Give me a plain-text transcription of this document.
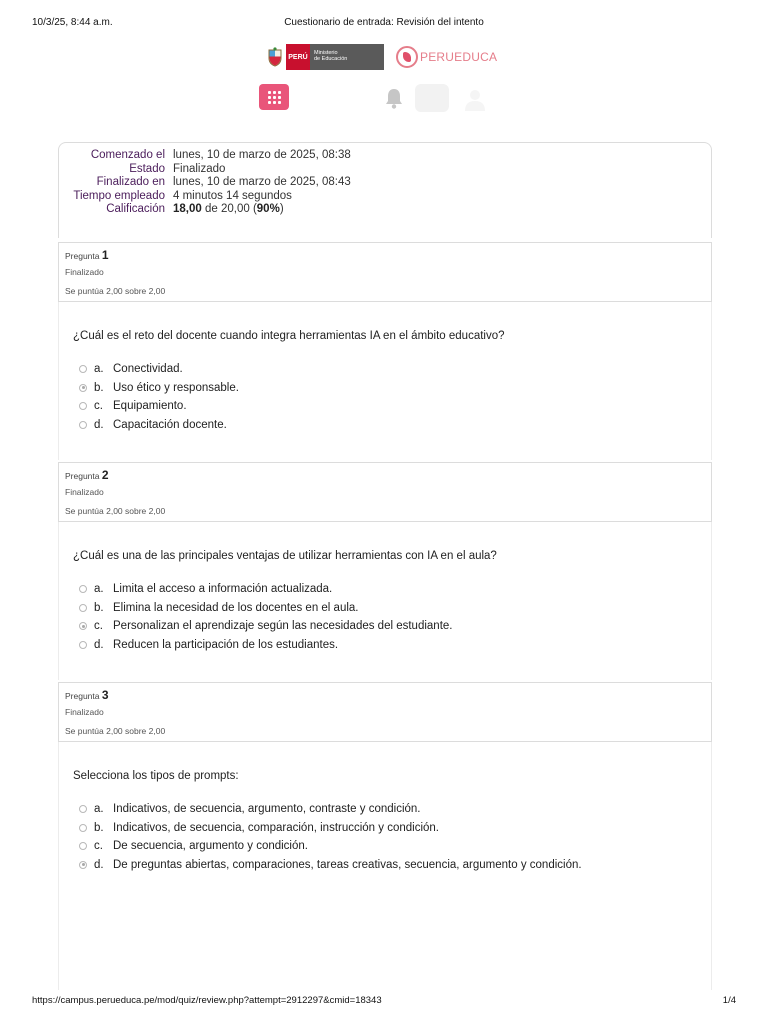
10/3/25, 8:44 a.m.	Cuestionario de entrada: Revisión del intento
PERÚ
Ministerio
de Educación	PERUEDUCA
Comenzado el	lunes, 10 de marzo de 2025, 08:38
Estado	Finalizado
Finalizado en	lunes, 10 de marzo de 2025, 08:43
Tiempo empleado	4 minutos 14 segundos
Calificación	18,00 de 20,00 (90%)
Pregunta 1
Finalizado
Se puntúa 2,00 sobre 2,00
¿Cuál es el reto del docente cuando integra herramientas IA en el ámbito educativo?
a. Conectividad.
b. Uso ético y responsable.
c. Equipamiento.
d. Capacitación docente.
Pregunta 2
Finalizado
Se puntúa 2,00 sobre 2,00
¿Cuál es una de las principales ventajas de utilizar herramientas con IA en el aula?
a. Limita el acceso a información actualizada.
b. Elimina la necesidad de los docentes en el aula.
c. Personalizan el aprendizaje según las necesidades del estudiante.
d. Reducen la participación de los estudiantes.
Pregunta 3
Finalizado
Se puntúa 2,00 sobre 2,00
Selecciona los tipos de prompts:
a. Indicativos, de secuencia, argumento, contraste y condición.
b. Indicativos, de secuencia, comparación, instrucción y condición.
c. De secuencia, argumento y condición.
d. De preguntas abiertas, comparaciones, tareas creativas, secuencia, argumento y condición.
https://campus.perueduca.pe/mod/quiz/review.php?attempt=2912297&cmid=18343	1/4
